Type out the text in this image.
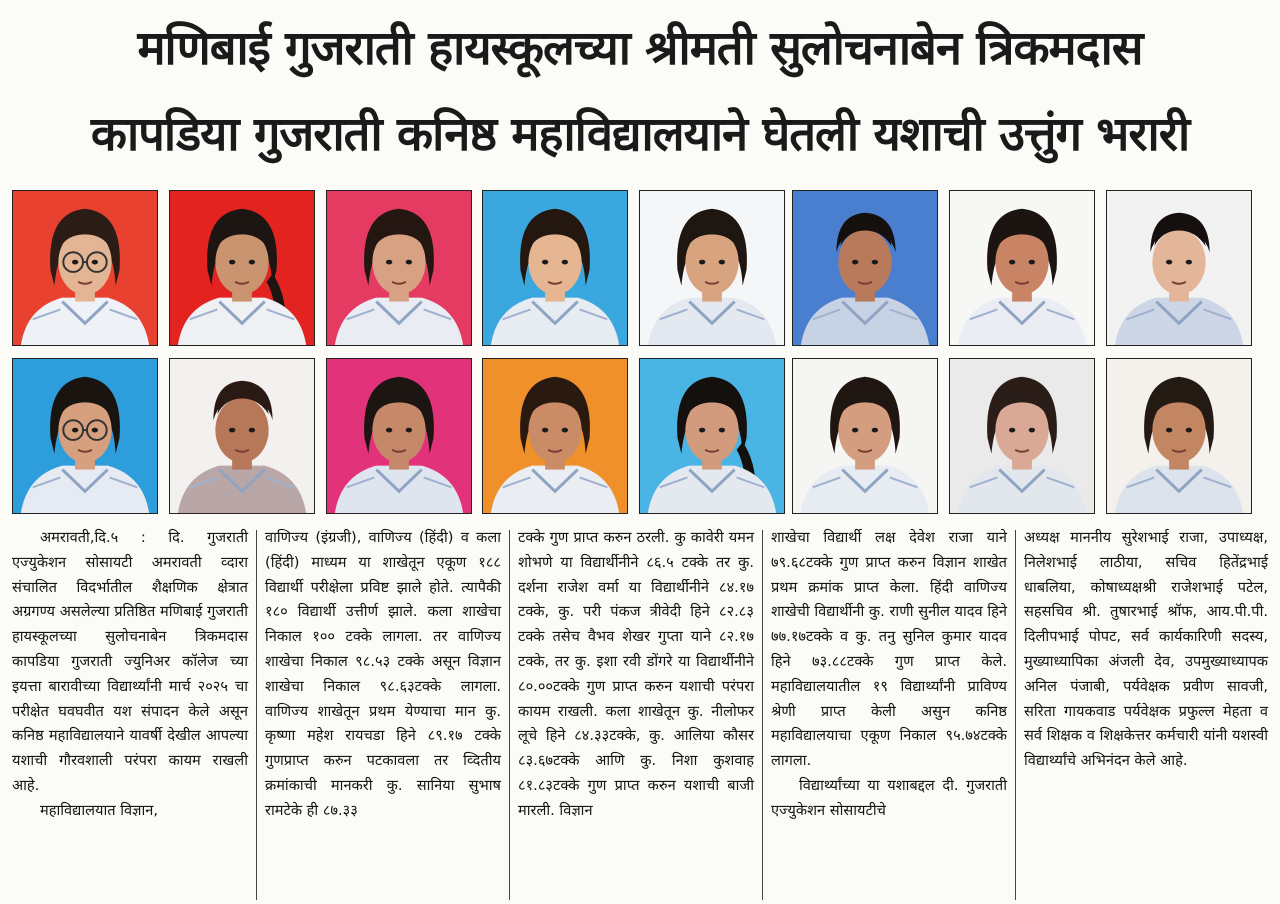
मणिबाई गुजराती हायस्कूलच्या श्रीमती सुलोचनाबेन त्रिकमदास
कापडिया गुजराती कनिष्ठ महाविद्यालयाने घेतली यशाची उत्तुंग भरारी

अमरावती,दि.५ : दि. गुजराती एज्युकेशन सोसायटी अमरावती व्दारा संचालित विदर्भातील शैक्षणिक क्षेत्रात अग्रगण्य असलेल्या प्रतिष्ठित मणिबाई गुजराती हायस्कूलच्या सुलोचनाबेन त्रिकमदास कापडिया गुजराती ज्युनिअर कॉलेज च्या इयत्ता बारावीच्या विद्यार्थ्यांनी मार्च २०२५ चा परीक्षेत घवघवीत यश संपादन केले असून कनिष्ठ महाविद्यालयाने यावर्षी देखील आपल्या यशाची गौरवशाली परंपरा कायम राखली आहे.

महाविद्यालयात विज्ञान,

वाणिज्य (इंग्रजी), वाणिज्य (हिंदी) व कला (हिंदी) माध्यम या शाखेतून एकूण १८८ विद्यार्थी परीक्षेला प्रविष्ट झाले होते. त्यापैकी १८० विद्यार्थी उत्तीर्ण झाले. कला शाखेचा निकाल १०० टक्के लागला. तर वाणिज्य शाखेचा निकाल ९८.५३ टक्के असून विज्ञान शाखेचा निकाल ९८.६३टक्के लागला. वाणिज्य शाखेतून प्रथम येण्याचा मान कु. कृष्णा महेश रायचडा हिने ८९.१७ टक्के गुणप्राप्त करुन पटकावला तर व्दितीय क्रमांकाची मानकरी कु. सानिया सुभाष रामटेके ही ८७.३३

टक्के गुण प्राप्त करुन ठरली. कु कावेरी यमन शोभणे या विद्यार्थीनीने ८६.५ टक्के तर कु. दर्शना राजेश वर्मा या विद्यार्थीनीने ८४.१७ टक्के, कु. परी पंकज त्रीवेदी हिने ८२.८३ टक्के तसेच वैभव शेखर गुप्ता याने ८२.१७ टक्के, तर कु. इशा रवी डोंगरे या विद्यार्थीनीने ८०.००टक्के गुण प्राप्त करुन यशाची परंपरा कायम राखली. कला शाखेतून कु. नीलोफर लूचे हिने ८४.३३टक्के, कु. आलिया कौसर ८३.६७टक्के आणि कु. निशा कुशवाह ८१.८३टक्के गुण प्राप्त करुन यशाची बाजी मारली. विज्ञान

शाखेचा विद्यार्थी लक्ष देवेश राजा याने ७९.६८टक्के गुण प्राप्त करुन विज्ञान शाखेत प्रथम क्रमांक प्राप्त केला. हिंदी वाणिज्य शाखेची विद्यार्थीनी कु. राणी सुनील यादव हिने ७७.१७टक्के व कु. तनु सुनिल कुमार यादव हिने ७३.८८टक्के गुण प्राप्त केले. महाविद्यालयातील १९ विद्यार्थ्यांनी प्राविण्य श्रेणी प्राप्त केली असुन कनिष्ठ महाविद्यालयाचा एकूण निकाल ९५.७४टक्के लागला.

विद्यार्थ्यांच्या या यशाबद्दल दी. गुजराती एज्युकेशन सोसायटीचे

अध्यक्ष माननीय सुरेशभाई राजा, उपाध्यक्ष, निलेशभाई लाठीया, सचिव हितेंद्रभाई धाबलिया, कोषाध्यक्षश्री राजेशभाई पटेल, सहसचिव श्री. तुषारभाई श्रॉफ, आय.पी.पी. दिलीपभाई पोपट, सर्व कार्यकारिणी सदस्य, मुख्याध्यापिका अंजली देव, उपमुख्याध्यापक अनिल पंजाबी, पर्यवेक्षक प्रवीण सावजी, सरिता गायकवाड पर्यवेक्षक प्रफुल्ल मेहता व सर्व शिक्षक व शिक्षकेत्तर कर्मचारी यांनी यशस्वी विद्यार्थ्यांचे अभिनंदन केले आहे.
